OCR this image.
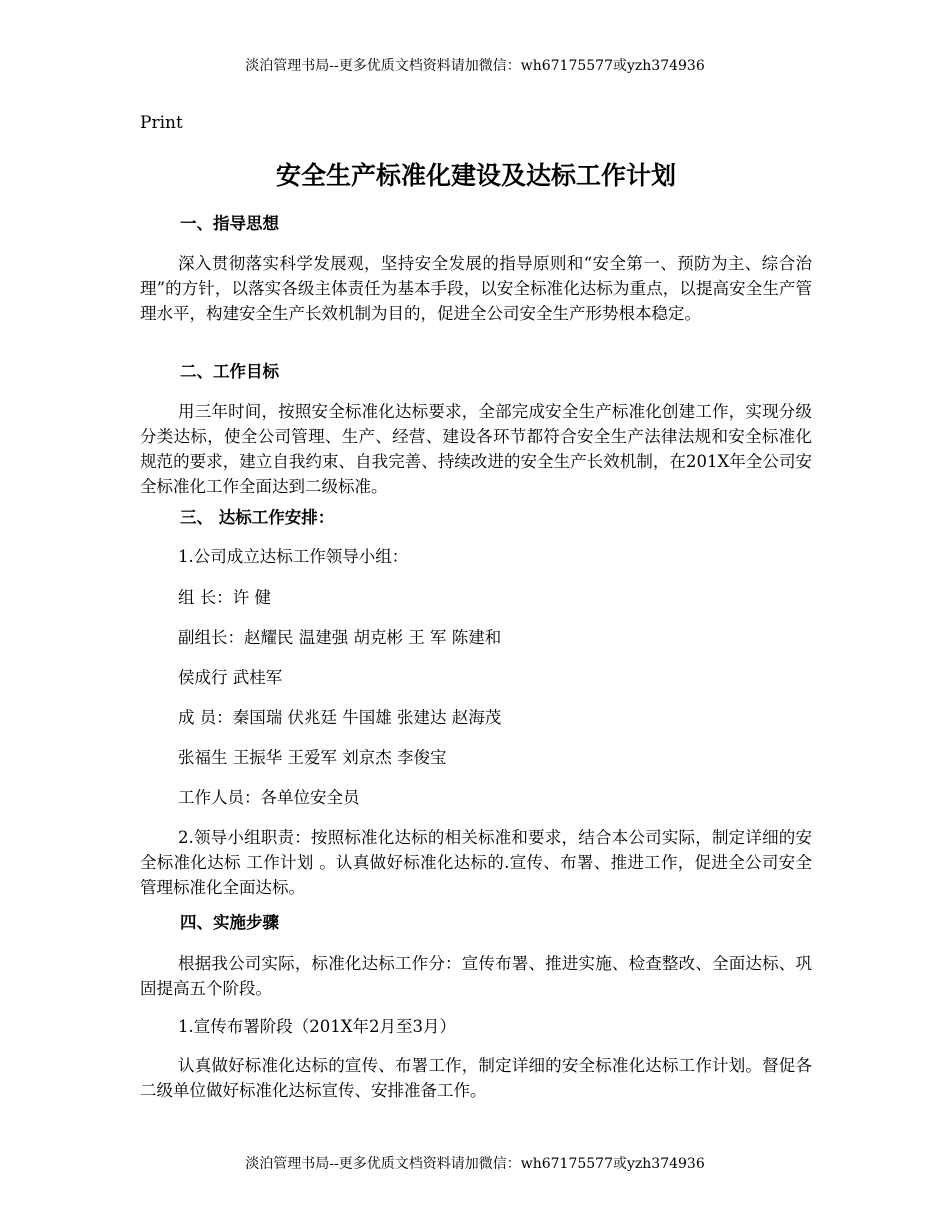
淡泊管理书局--更多优质文档资料请加微信：wh67175577或yzh374936
Print
安全生产标准化建设及达标工作计划
一、指导思想
深入贯彻落实科学发展观，坚持安全发展的指导原则和“安全第一、预防为主、综合治理”的方针，以落实各级主体责任为基本手段，以安全标准化达标为重点，以提高安全生产管理水平，构建安全生产长效机制为目的，促进全公司安全生产形势根本稳定。
二、工作目标
用三年时间，按照安全标准化达标要求，全部完成安全生产标准化创建工作，实现分级分类达标，使全公司管理、生产、经营、建设各环节都符合安全生产法律法规和安全标准化规范的要求，建立自我约束、自我完善、持续改进的安全生产长效机制，在201X年全公司安全标准化工作全面达到二级标准。
三、 达标工作安排：
1.公司成立达标工作领导小组：
组 长：许 健
副组长：赵耀民 温建强 胡克彬 王 军 陈建和
侯成行 武桂军
成 员：秦国瑞 伏兆廷 牛国雄 张建达 赵海茂
张福生 王振华 王爱军 刘京杰 李俊宝
工作人员：各单位安全员
2.领导小组职责：按照标准化达标的相关标准和要求，结合本公司实际，制定详细的安全标准化达标 工作计划 。认真做好标准化达标的.宣传、布署、推进工作，促进全公司安全管理标准化全面达标。
四、实施步骤
根据我公司实际，标准化达标工作分：宣传布署、推进实施、检查整改、全面达标、巩固提高五个阶段。
1.宣传布署阶段（201X年2月至3月）
认真做好标准化达标的宣传、布署工作，制定详细的安全标准化达标工作计划。督促各二级单位做好标准化达标宣传、安排准备工作。
淡泊管理书局--更多优质文档资料请加微信：wh67175577或yzh374936
